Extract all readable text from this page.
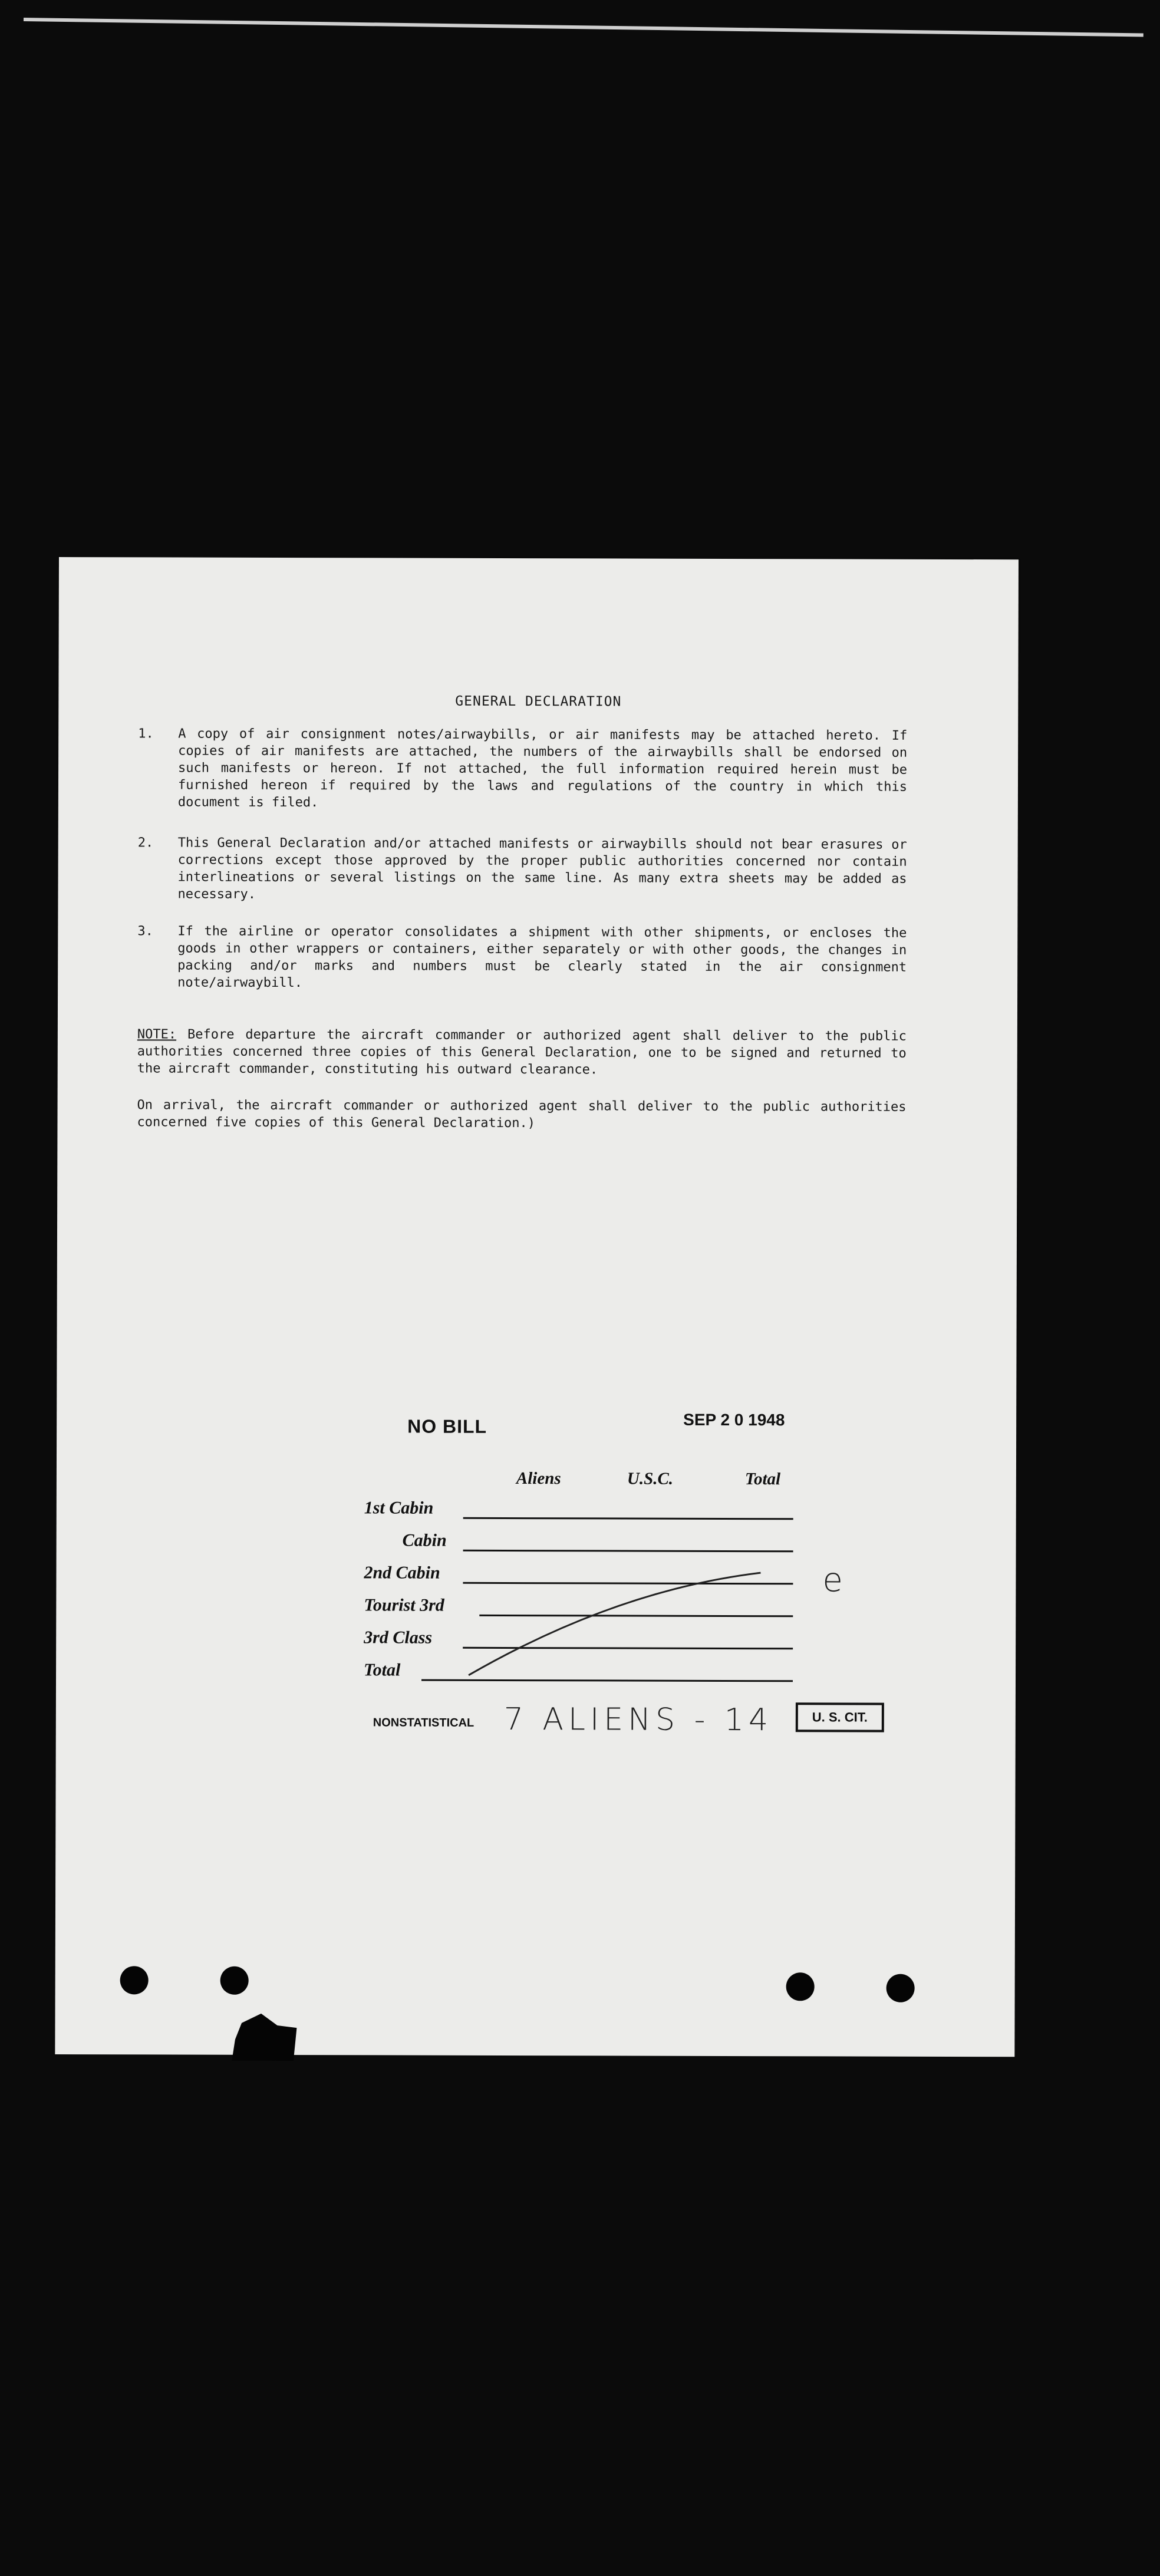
GENERAL DECLARATION
1.	A copy of air consignment notes/airwaybills, or air manifests may be attached hereto. If copies of air manifests are attached, the numbers of the airwaybills shall be endorsed on such manifests or hereon. If not attached, the full information required herein must be furnished hereon if required by the laws and regulations of the country in which this document is filed.
2.	This General Declaration and/or attached manifests or airwaybills should not bear erasures or corrections except those approved by the proper public authorities concerned nor contain interlineations or several listings on the same line. As many extra sheets may be added as necessary.
3.	If the airline or operator consolidates a shipment with other shipments, or encloses the goods in other wrappers or containers, either separately or with other goods, the changes in packing and/or marks and numbers must be clearly stated in the air consignment note/airwaybill.
NOTE: Before departure the aircraft commander or authorized agent shall deliver to the public authorities concerned three copies of this General Declaration, one to be signed and returned to the aircraft commander, constituting his outward clearance.
On arrival, the aircraft commander or authorized agent shall deliver to the public authorities concerned five copies of this General Declaration.)
NO BILL	SEP 2 0 1948
Aliens	U.S.C.	Total
1st Cabin
Cabin
2nd Cabin
Tourist 3rd
3rd Class
Total
e
NONSTATISTICAL 7 ALIENS - 14	U. S. CIT.
